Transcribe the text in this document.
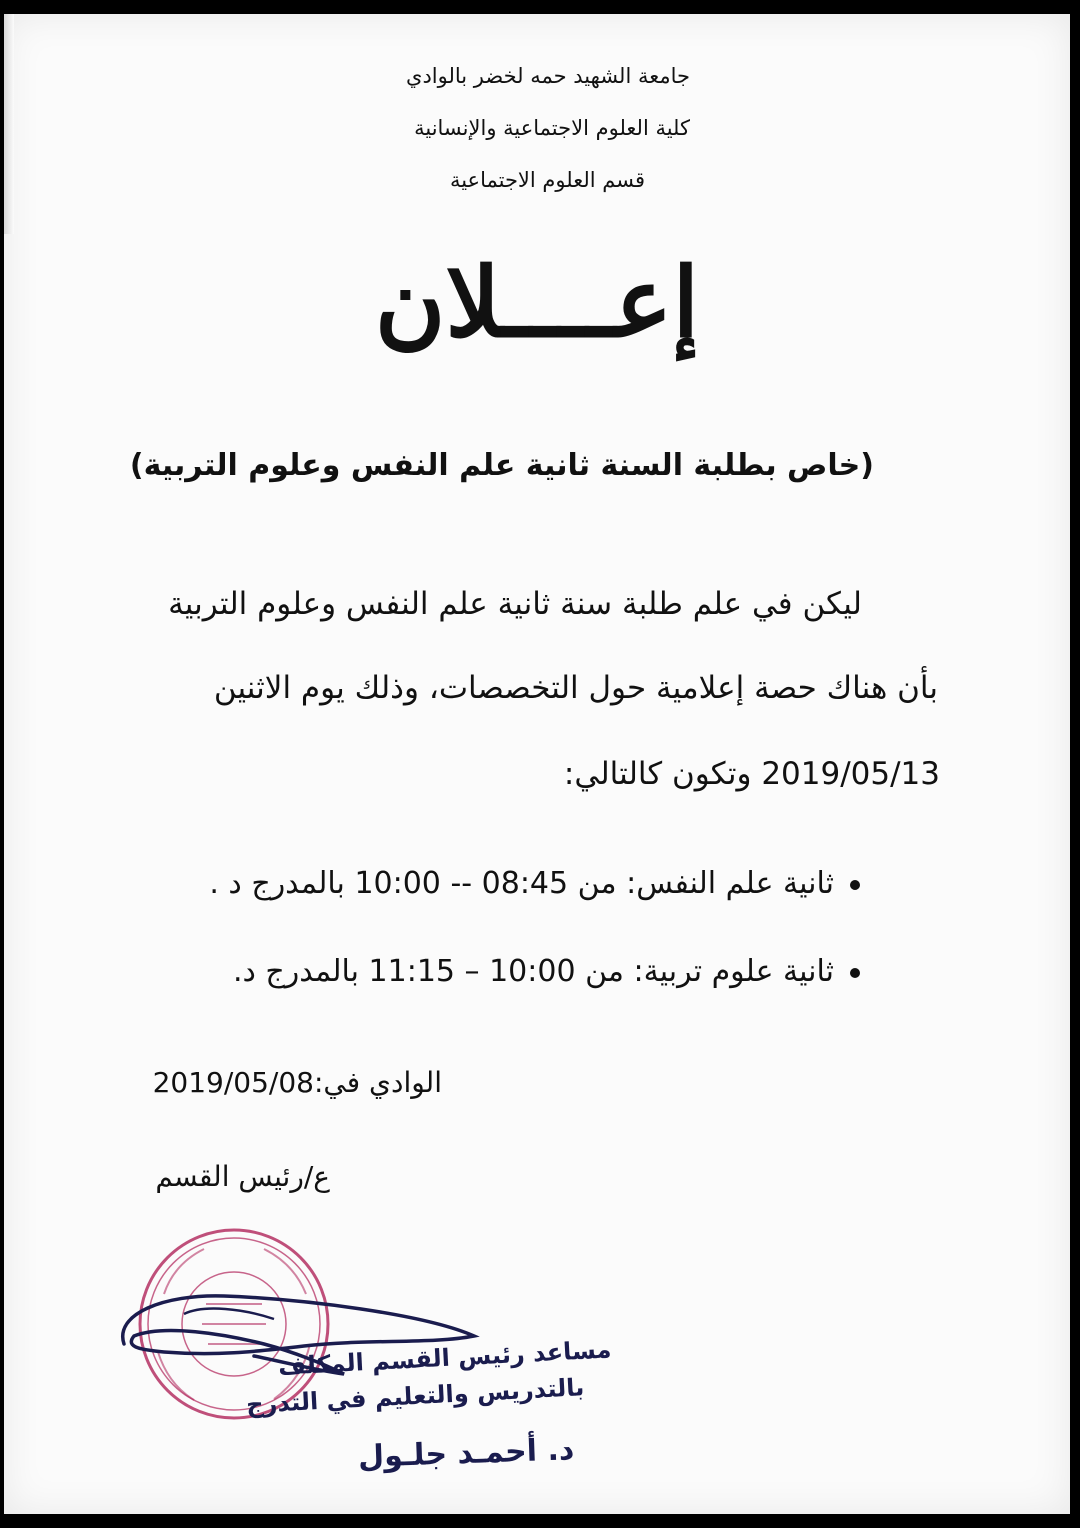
جامعة الشهيد حمه لخضر بالوادي
كلية العلوم الاجتماعية والإنسانية
قسم العلوم الاجتماعية
إعــــلان
(خاص بطلبة السنة ثانية علم النفس وعلوم التربية)
ليكن في علم طلبة سنة ثانية علم النفس وعلوم التربية
بأن هناك حصة إعلامية حول التخصصات، وذلك يوم الاثنين
2019/05/13 وتكون كالتالي:
ثانية علم النفس: من 08:45 -- 10:00 بالمدرج د .
ثانية علوم تربية: من 10:00 – 11:15 بالمدرج د.
الوادي في:2019/05/08
ع/رئيس القسم
مساعد رئيس القسم المكلف
بالتدريس والتعليم في التدرج
د. أحمـد جلـول
